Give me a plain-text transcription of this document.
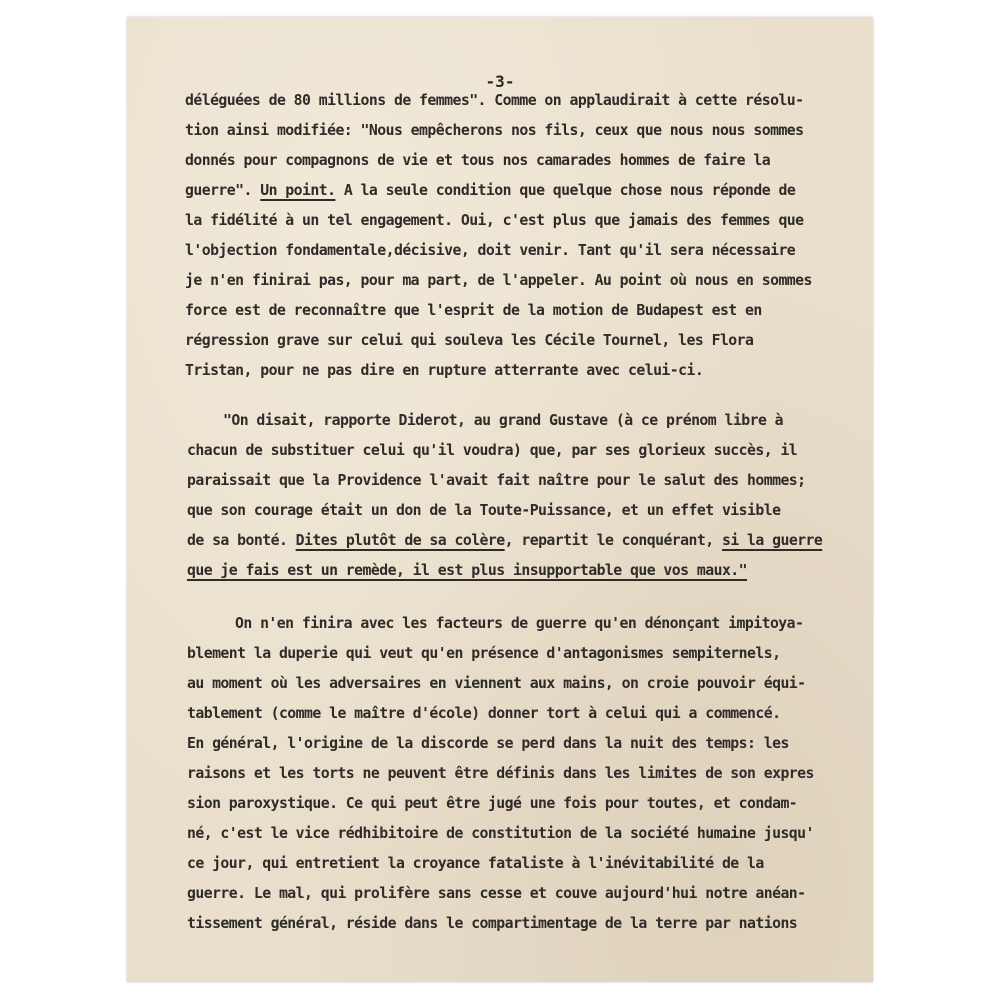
-3-
déléguées de 80 millions de femmes". Comme on applaudirait à cette résolu-
tion ainsi modifiée: "Nous empêcherons nos fils, ceux que nous nous sommes
donnés pour compagnons de vie et tous nos camarades hommes de faire la
guerre". Un point. A la seule condition que quelque chose nous réponde de
la fidélité à un tel engagement. Oui, c'est plus que jamais des femmes que
l'objection fondamentale,décisive, doit venir. Tant qu'il sera nécessaire
je n'en finirai pas, pour ma part, de l'appeler. Au point où nous en sommes
force est de reconnaître que l'esprit de la motion de Budapest est en
régression grave sur celui qui souleva les Cécile Tournel, les Flora
Tristan, pour ne pas dire en rupture atterrante avec celui-ci.
"On disait, rapporte Diderot, au grand Gustave (à ce prénom libre à
chacun de substituer celui qu'il voudra) que, par ses glorieux succès, il
paraissait que la Providence l'avait fait naître pour le salut des hommes;
que son courage était un don de la Toute-Puissance, et un effet visible
de sa bonté. Dites plutôt de sa colère, repartit le conquérant, si la guerre
que je fais est un remède, il est plus insupportable que vos maux."
On n'en finira avec les facteurs de guerre qu'en dénonçant impitoya-
blement la duperie qui veut qu'en présence d'antagonismes sempiternels,
au moment où les adversaires en viennent aux mains, on croie pouvoir équi-
tablement (comme le maître d'école) donner tort à celui qui a commencé.
En général, l'origine de la discorde se perd dans la nuit des temps: les
raisons et les torts ne peuvent être définis dans les limites de son expres
sion paroxystique. Ce qui peut être jugé une fois pour toutes, et condam-
né, c'est le vice rédhibitoire de constitution de la société humaine jusqu'
ce jour, qui entretient la croyance fataliste à l'inévitabilité de la
guerre. Le mal, qui prolifère sans cesse et couve aujourd'hui notre anéan-
tissement général, réside dans le compartimentage de la terre par nations
